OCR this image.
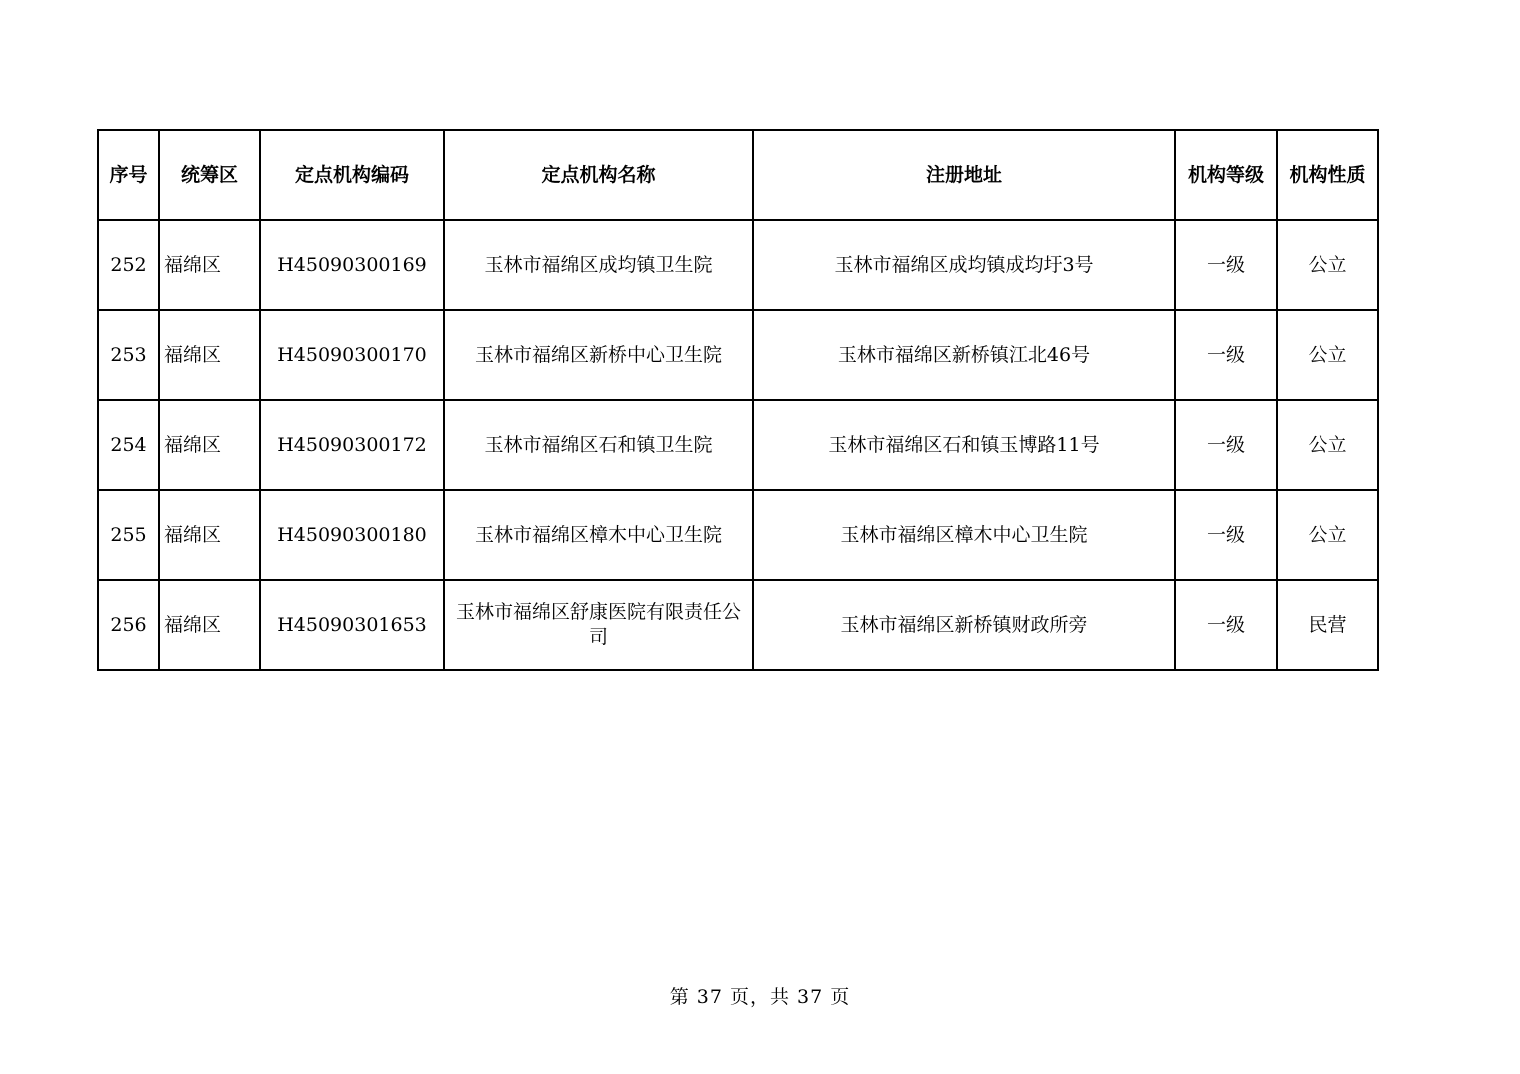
序号	统筹区	定点机构编码	定点机构名称	注册地址	机构等级	机构性质
252	福绵区	H45090300169	玉林市福绵区成均镇卫生院	玉林市福绵区成均镇成均圩3号	一级	公立
253	福绵区	H45090300170	玉林市福绵区新桥中心卫生院	玉林市福绵区新桥镇江北46号	一级	公立
254	福绵区	H45090300172	玉林市福绵区石和镇卫生院	玉林市福绵区石和镇玉博路11号	一级	公立
255	福绵区	H45090300180	玉林市福绵区樟木中心卫生院	玉林市福绵区樟木中心卫生院	一级	公立
256	福绵区	H45090301653	玉林市福绵区舒康医院有限责任公司	玉林市福绵区新桥镇财政所旁	一级	民营
第 37 页，共 37 页
